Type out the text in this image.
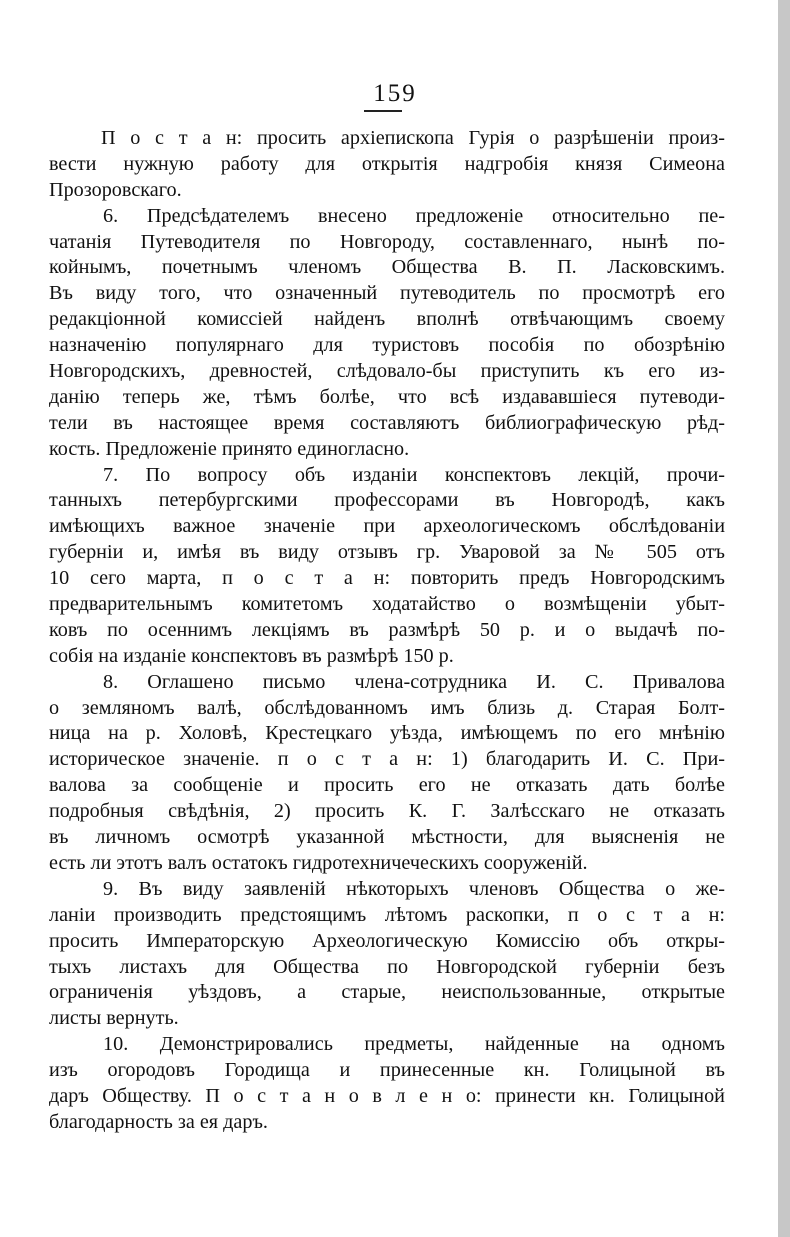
159
П о с т а н: просить архіепископа Гурія о разрѣшеніи произ-
вести нужную работу для открытія надгробія князя Симеона
Прозоровскаго.
6. Предсѣдателемъ внесено предложеніе относительно пе-
чатанія Путеводителя по Новгороду, составленнаго, нынѣ по-
койнымъ, почетнымъ членомъ Общества В. П. Ласковскимъ.
Въ виду того, что означенный путеводитель по просмотрѣ его
редакціонной комиссіей найденъ вполнѣ отвѣчающимъ своему
назначенію популярнаго для туристовъ пособія по обозрѣнію
Новгородскихъ, древностей, слѣдовало-бы приступить къ его из-
данію теперь же, тѣмъ болѣе, что всѣ издававшіеся путеводи-
тели въ настоящее время составляютъ библиографическую рѣд-
кость. Предложеніе принято единогласно.
7. По вопросу объ изданіи конспектовъ лекцій, прочи-
танныхъ петербургскими профессорами въ Новгородѣ, какъ
имѣющихъ важное значеніе при археологическомъ обслѣдованіи
губерніи и, имѣя въ виду отзывъ гр. Уваровой за № 505 отъ
10 сего марта, п о с т а н: повторить предъ Новгородскимъ
предварительнымъ комитетомъ ходатайство о возмѣщеніи убыт-
ковъ по осеннимъ лекціямъ въ размѣрѣ 50 р. и о выдачѣ по-
собія на изданіе конспектовъ въ размѣрѣ 150 р.
8. Оглашено письмо члена-сотрудника И. С. Привалова
о земляномъ валѣ, обслѣдованномъ имъ близь д. Старая Болт-
ница на р. Холовѣ, Крестецкаго уѣзда, имѣющемъ по его мнѣнію
историческое значеніе. п о с т а н: 1) благодарить И. С. При-
валова за сообщеніе и просить его не отказать дать болѣе
подробныя свѣдѣнія, 2) просить К. Г. Залѣсскаго не отказать
въ личномъ осмотрѣ указанной мѣстности, для выясненія не
есть ли этотъ валъ остатокъ гидротехничеческихъ сооруженій.
9. Въ виду заявленій нѣкоторыхъ членовъ Общества о же-
ланіи производить предстоящимъ лѣтомъ раскопки, п о с т а н:
просить Императорскую Археологическую Комиссію объ откры-
тыхъ листахъ для Общества по Новгородской губерніи безъ
ограниченія уѣздовъ, а старые, неиспользованные, открытые
листы вернуть.
10. Демонстрировались предметы, найденные на одномъ
изъ огородовъ Городища и принесенные кн. Голицыной въ
даръ Обществу. П о с т а н о в л е н о: принести кн. Голицыной
благодарность за ея даръ.
